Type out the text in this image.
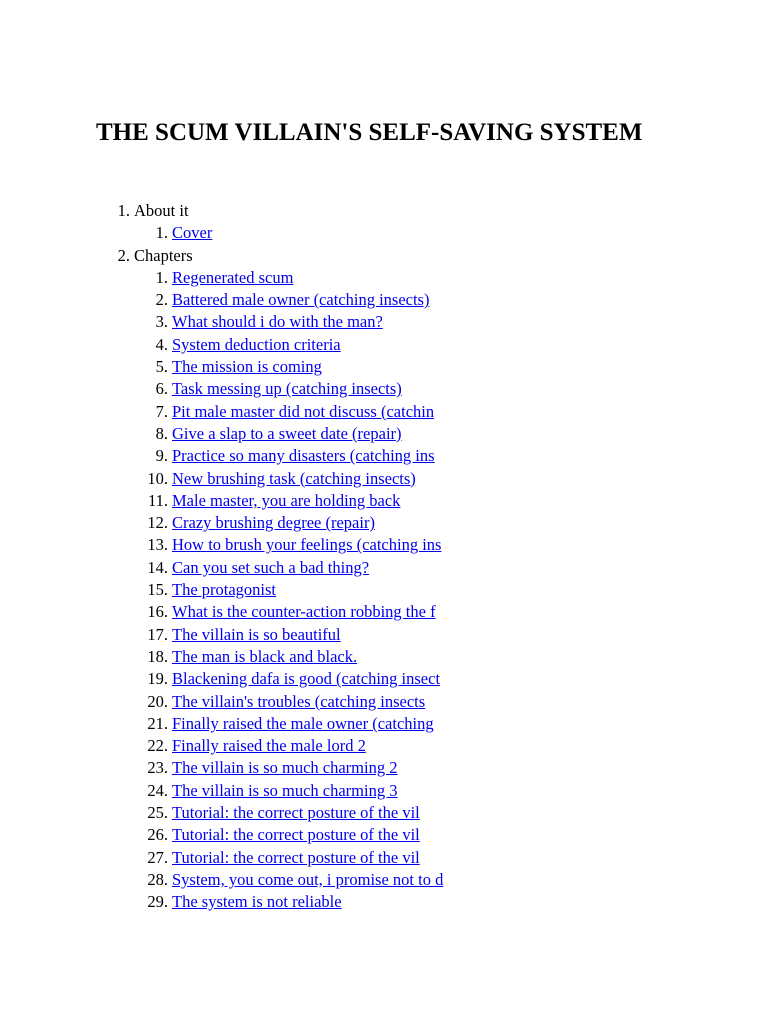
THE SCUM VILLAIN'S SELF-SAVING SYSTEM
1. About it
1. Cover
2. Chapters
1. Regenerated scum
2. Battered male owner (catching insects)
3. What should i do with the man?
4. System deduction criteria
5. The mission is coming
6. Task messing up (catching insects)
7. Pit male master did not discuss (catchin
8. Give a slap to a sweet date (repair)
9. Practice so many disasters (catching ins
10. New brushing task (catching insects)
11. Male master, you are holding back
12. Crazy brushing degree (repair)
13. How to brush your feelings (catching ins
14. Can you set such a bad thing?
15. The protagonist
16. What is the counter-action robbing the f
17. The villain is so beautiful
18. The man is black and black.
19. Blackening dafa is good (catching insect
20. The villain's troubles (catching insects
21. Finally raised the male owner (catching
22. Finally raised the male lord 2
23. The villain is so much charming 2
24. The villain is so much charming 3
25. Tutorial: the correct posture of the vil
26. Tutorial: the correct posture of the vil
27. Tutorial: the correct posture of the vil
28. System, you come out, i promise not to d
29. The system is not reliable
